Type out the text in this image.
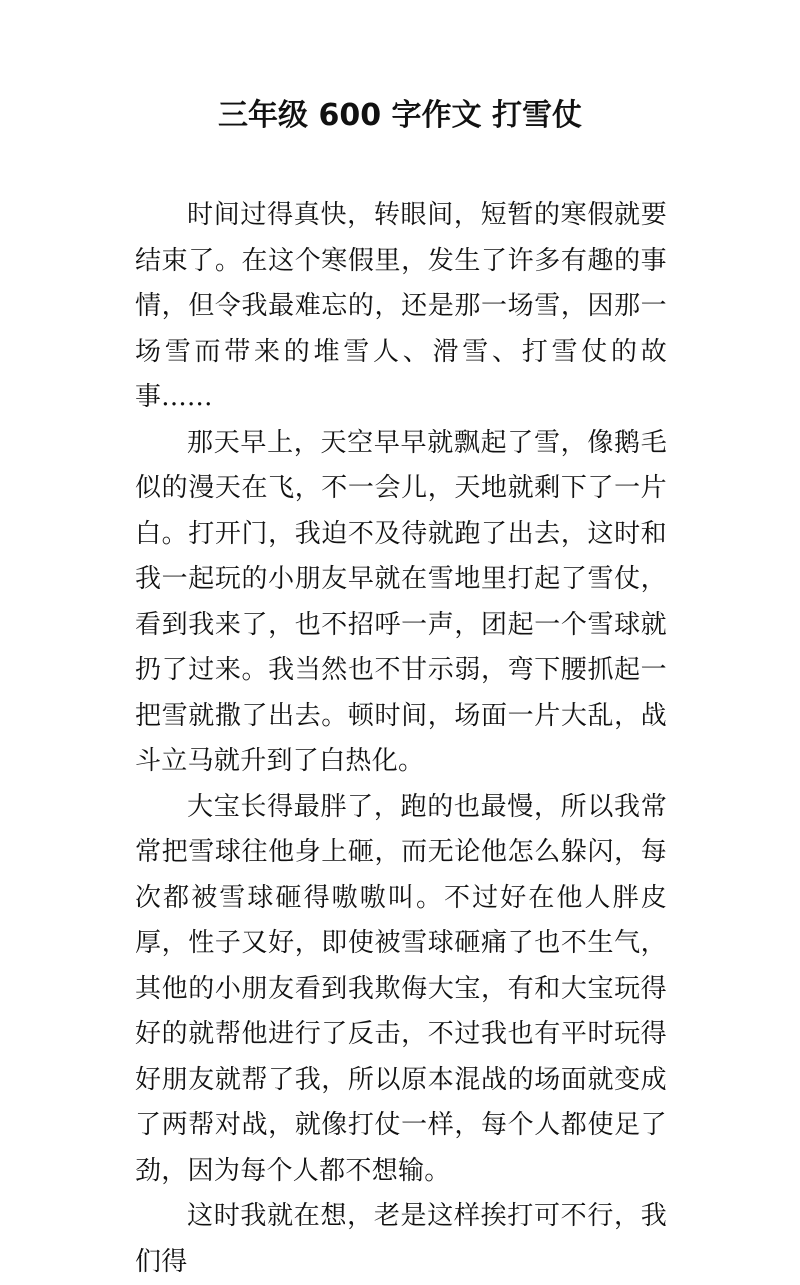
三年级 600 字作文 打雪仗

时间过得真快，转眼间，短暂的寒假就要结束了。在这个寒假里，发生了许多有趣的事情，但令我最难忘的，还是那一场雪，因那一场雪而带来的堆雪人、滑雪、打雪仗的故事......

那天早上，天空早早就飘起了雪，像鹅毛似的漫天在飞，不一会儿，天地就剩下了一片白。打开门，我迫不及待就跑了出去，这时和我一起玩的小朋友早就在雪地里打起了雪仗，看到我来了，也不招呼一声，团起一个雪球就扔了过来。我当然也不甘示弱，弯下腰抓起一把雪就撒了出去。顿时间，场面一片大乱，战斗立马就升到了白热化。

大宝长得最胖了，跑的也最慢，所以我常常把雪球往他身上砸，而无论他怎么躲闪，每次都被雪球砸得嗷嗷叫。不过好在他人胖皮厚，性子又好，即使被雪球砸痛了也不生气，其他的小朋友看到我欺侮大宝，有和大宝玩得好的就帮他进行了反击，不过我也有平时玩得好朋友就帮了我，所以原本混战的场面就变成了两帮对战，就像打仗一样，每个人都使足了劲，因为每个人都不想输。

这时我就在想，老是这样挨打可不行，我们得
